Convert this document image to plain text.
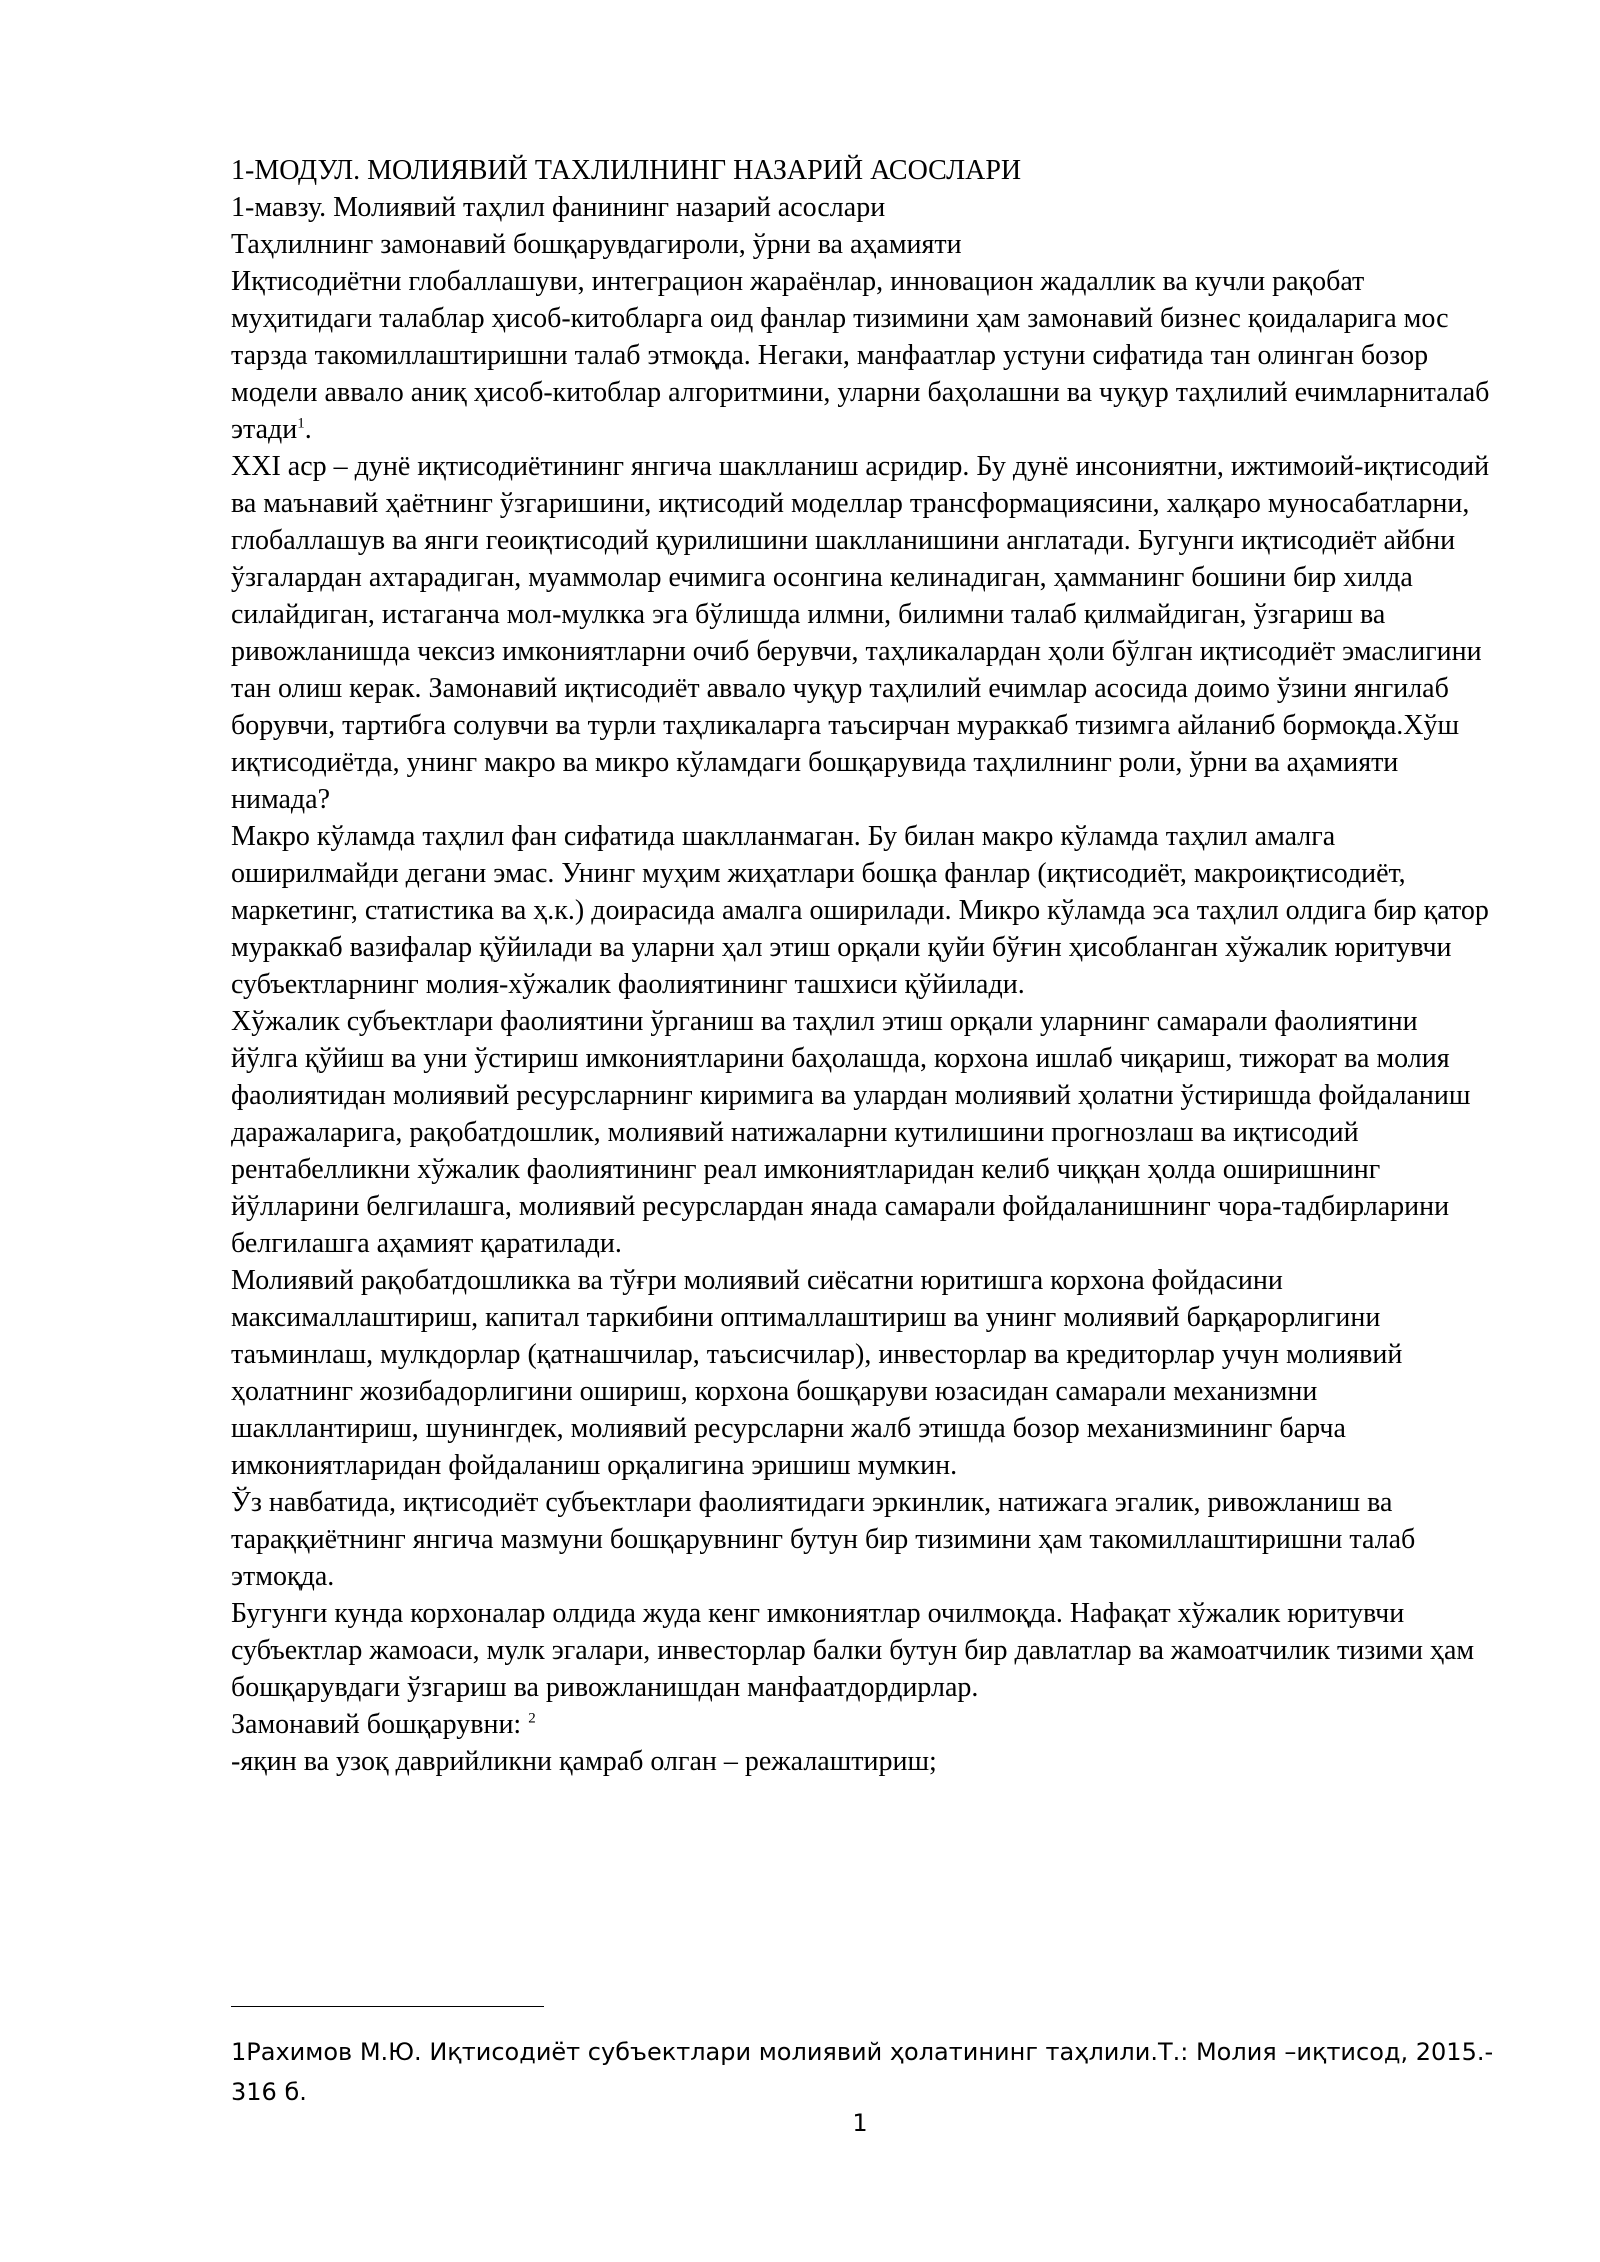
1-МОДУЛ. МОЛИЯВИЙ ТАХЛИЛНИНГ НАЗАРИЙ АСОСЛАРИ

1-мавзу. Молиявий таҳлил фанининг назарий асослари

Таҳлилнинг замонавий бошқарувдагироли, ўрни ва аҳамияти

Иқтисодиётни глобаллашуви, интеграцион жараёнлар, инновацион жадаллик ва кучли рақобат муҳитидаги талаблар ҳисоб-китобларга оид фанлар тизимини ҳам замонавий бизнес қоидаларига мос тарзда такомиллаштиришни талаб этмоқда. Негаки, манфаатлар устуни сифатида тан олинган бозор модели аввало аниқ ҳисоб-китоблар алгоритмини, уларни баҳолашни ва чуқур таҳлилий ечимларниталаб этади$^1$.

XXI аср – дунё иқтисодиётининг янгича шаклланиш асридир. Бу дунё инсониятни, ижтимоий-иқтисодий ва маънавий ҳаётнинг ўзгаришини, иқтисодий моделлар трансформациясини, халқаро муносабатларни, глобаллашув ва янги геоиқтисодий қурилишини шаклланишини англатади. Бугунги иқтисодиёт айбни ўзгалардан ахтарадиган, муаммолар ечимига осонгина келинадиган, ҳамманинг бошини бир хилда силайдиган, истаганча мол-мулкка эга бўлишда илмни, билимни талаб қилмайдиган, ўзгариш ва ривожланишда чексиз имкониятларни очиб берувчи, таҳликалардан ҳоли бўлган иқтисодиёт эмаслигини тан олиш керак. Замонавий иқтисодиёт аввало чуқур таҳлилий ечимлар асосида доимо ўзини янгилаб борувчи, тартибга солувчи ва турли таҳликаларга таъсирчан мураккаб тизимга айланиб бормоқда.Хўш иқтисодиётда, унинг макро ва микро кўламдаги бошқарувида таҳлилнинг роли, ўрни ва аҳамияти нимада?

Макро кўламда таҳлил фан сифатида шаклланмаган. Бу билан макро кўламда таҳлил амалга оширилмайди дегани эмас. Унинг муҳим жиҳатлари бошқа фанлар (иқтисодиёт, макроиқтисодиёт, маркетинг, статистика ва ҳ.к.) доирасида амалга оширилади. Микро кўламда эса таҳлил олдига бир қатор мураккаб вазифалар қўйилади ва уларни ҳал этиш орқали қуйи бўғин ҳисобланган хўжалик юритувчи субъектларнинг молия-хўжалик фаолиятининг ташхиси қўйилади.

Хўжалик субъектлари фаолиятини ўрганиш ва таҳлил этиш орқали уларнинг самарали фаолиятини йўлга қўйиш ва уни ўстириш имкониятларини баҳолашда, корхона ишлаб чиқариш, тижорат ва молия фаолиятидан молиявий ресурсларнинг киримига ва улардан молиявий ҳолатни ўстиришда фойдаланиш даражаларига, рақобатдошлик, молиявий натижаларни кутилишини прогнозлаш ва иқтисодий рентабелликни хўжалик фаолиятининг реал имкониятларидан келиб чиққан ҳолда оширишнинг йўлларини белгилашга, молиявий ресурслардан янада самарали фойдаланишнинг чора-тадбирларини белгилашга аҳамият қаратилади.

Молиявий рақобатдошликка ва тўғри молиявий сиёсатни юритишга корхона фойдасини максималлаштириш, капитал таркибини оптималлаштириш ва унинг молиявий барқарорлигини таъминлаш, мулкдорлар (қатнашчилар, таъсисчилар), инвесторлар ва кредиторлар учун молиявий ҳолатнинг жозибадорлигини ошириш, корхона бошқаруви юзасидан самарали механизмни шакллантириш, шунингдек, молиявий ресурсларни жалб этишда бозор механизмининг барча имкониятларидан фойдаланиш орқалигина эришиш мумкин.

Ўз навбатида, иқтисодиёт субъектлари фаолиятидаги эркинлик, натижага эгалик, ривожланиш ва тараққиётнинг янгича мазмуни бошқарувнинг бутун бир тизимини ҳам такомиллаштиришни талаб этмоқда.

Бугунги кунда корхоналар олдида жуда кенг имкониятлар очилмоқда. Нафақат хўжалик юритувчи субъектлар жамоаси, мулк эгалари, инвесторлар балки бутун бир давлатлар ва жамоатчилик тизими ҳам бошқарувдаги ўзгариш ва ривожланишдан манфаатдордирлар.

Замонавий бошқарувни: $^2$

-яқин ва узоқ даврийликни қамраб олган – режалаштириш;

1Рахимов М.Ю. Иқтисодиёт субъектлари молиявий ҳолатининг таҳлили.Т.: Молия –иқтисод, 2015.- 316 б.

1
